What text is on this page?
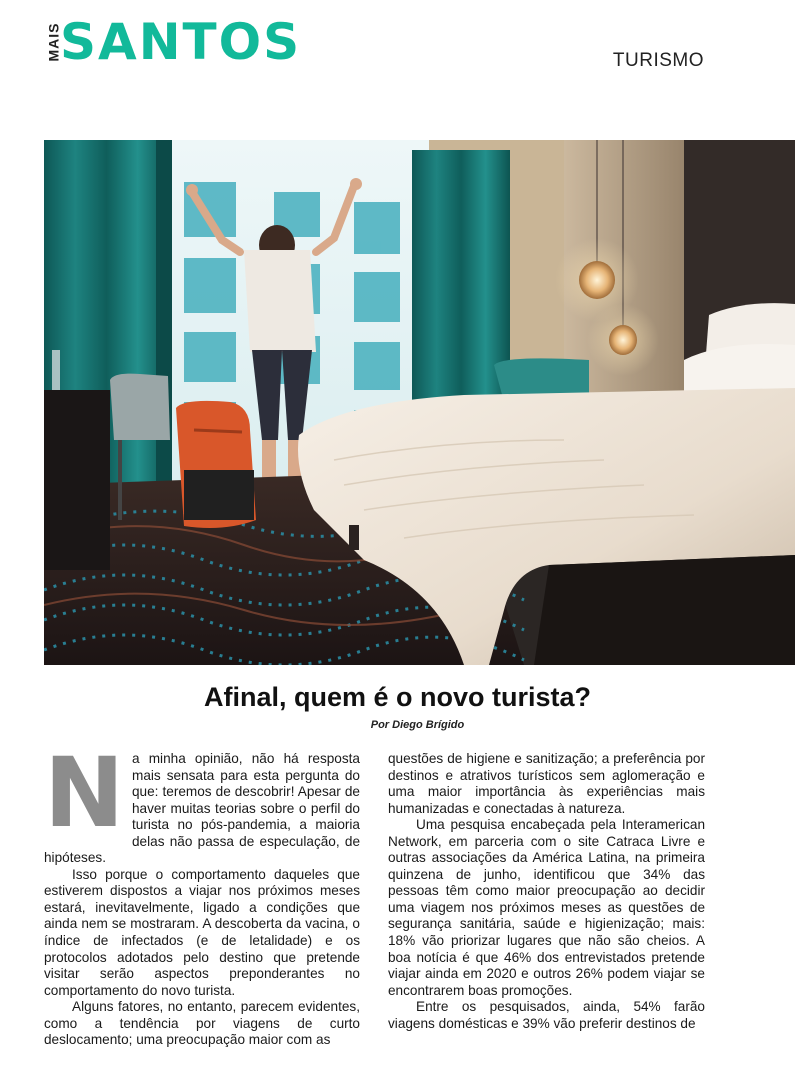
MAIS SANTOS	TURISMO
Afinal, quem é o novo turista?
Por Diego Brígido
N a minha opinião, não há resposta mais sensata para esta pergunta do que: teremos de descobrir! Apesar de haver muitas teorias sobre o perfil do turista no pós-pandemia, a maioria delas não passa de especulação, de hipóteses.

Isso porque o comportamento daqueles que estiverem dispostos a viajar nos próximos meses estará, inevitavelmente, ligado a condições que ainda nem se mostraram. A descoberta da vacina, o índice de infectados (e de letalidade) e os protocolos adotados pelo destino que pretende visitar serão aspectos preponderantes no comportamento do novo turista.

Alguns fatores, no entanto, parecem evidentes, como a tendência por viagens de curto deslocamento; uma preocupação maior com as

questões de higiene e sanitização; a preferência por destinos e atrativos turísticos sem aglomeração e uma maior importância às experiências mais humanizadas e conectadas à natureza.

Uma pesquisa encabeçada pela Interamerican Network, em parceria com o site Catraca Livre e outras associações da América Latina, na primeira quinzena de junho, identificou que 34% das pessoas têm como maior preocupação ao decidir uma viagem nos próximos meses as questões de segurança sanitária, saúde e higienização; mais: 18% vão priorizar lugares que não são cheios. A boa notícia é que 46% dos entrevistados pretende viajar ainda em 2020 e outros 26% podem viajar se encontrarem boas promoções.

Entre os pesquisados, ainda, 54% farão viagens domésticas e 39% vão preferir destinos de
